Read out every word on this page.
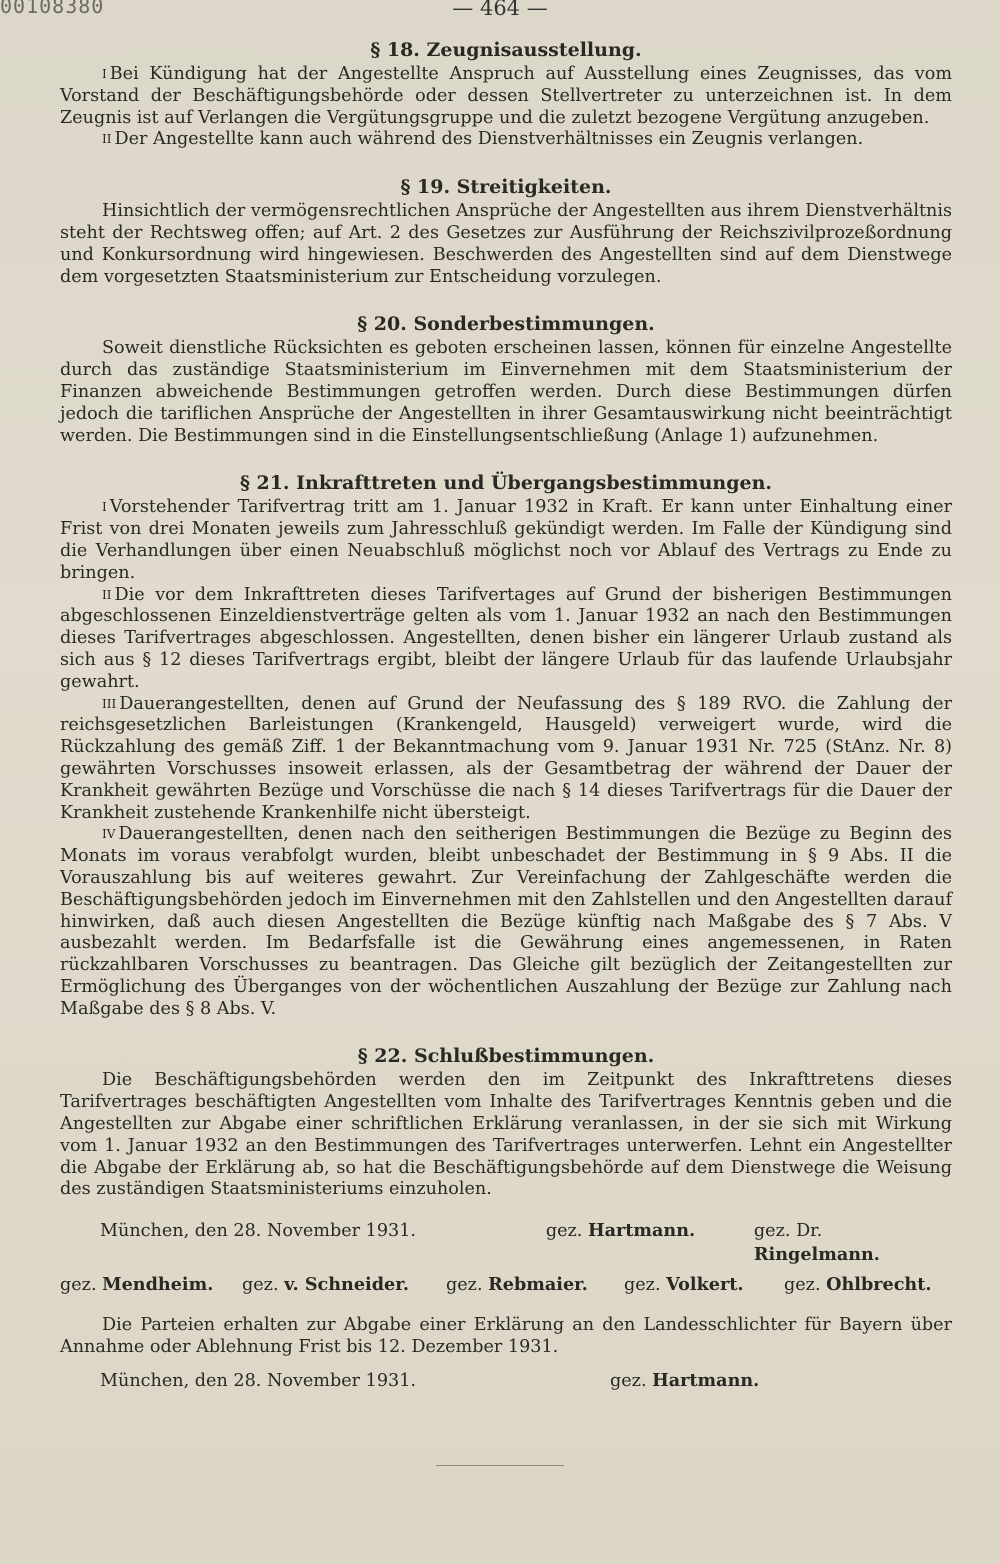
00108380	— 464 —
§ 18. Zeugnisausstellung.

$^I$ Bei Kündigung hat der Angestellte Anspruch auf Ausstellung eines Zeugnisses, das vom Vorstand der Beschäftigungsbehörde oder dessen Stellvertreter zu unterzeichnen ist. In dem Zeugnis ist auf Verlangen die Vergütungsgruppe und die zuletzt bezogene Vergütung anzugeben.

$^{II}$ Der Angestellte kann auch während des Dienstverhältnisses ein Zeugnis verlangen.

§ 19. Streitigkeiten.

Hinsichtlich der vermögensrechtlichen Ansprüche der Angestellten aus ihrem Dienstverhältnis steht der Rechtsweg offen; auf Art. 2 des Gesetzes zur Ausführung der Reichszivilprozeßordnung und Konkursordnung wird hingewiesen. Beschwerden des Angestellten sind auf dem Dienstwege dem vorgesetzten Staatsministerium zur Entscheidung vorzulegen.

§ 20. Sonderbestimmungen.

Soweit dienstliche Rücksichten es geboten erscheinen lassen, können für einzelne Angestellte durch das zuständige Staatsministerium im Einvernehmen mit dem Staatsministerium der Finanzen abweichende Bestimmungen getroffen werden. Durch diese Bestimmungen dürfen jedoch die tariflichen Ansprüche der Angestellten in ihrer Gesamtauswirkung nicht beeinträchtigt werden. Die Bestimmungen sind in die Einstellungsentschließung (Anlage 1) aufzunehmen.

§ 21. Inkrafttreten und Übergangsbestimmungen.

$^I$ Vorstehender Tarifvertrag tritt am 1. Januar 1932 in Kraft. Er kann unter Einhaltung einer Frist von drei Monaten jeweils zum Jahresschluß gekündigt werden. Im Falle der Kündigung sind die Verhandlungen über einen Neuabschluß möglichst noch vor Ablauf des Vertrags zu Ende zu bringen.

$^{II}$ Die vor dem Inkrafttreten dieses Tarifvertages auf Grund der bisherigen Bestimmungen abgeschlossenen Einzeldienstverträge gelten als vom 1. Januar 1932 an nach den Bestimmungen dieses Tarifvertrages abgeschlossen. Angestellten, denen bisher ein längerer Urlaub zustand als sich aus § 12 dieses Tarifvertrags ergibt, bleibt der längere Urlaub für das laufende Urlaubsjahr gewahrt.

$^{III}$ Dauerangestellten, denen auf Grund der Neufassung des § 189 RVO. die Zahlung der reichsgesetzlichen Barleistungen (Krankengeld, Hausgeld) verweigert wurde, wird die Rückzahlung des gemäß Ziff. 1 der Bekanntmachung vom 9. Januar 1931 Nr. 725 (StAnz. Nr. 8) gewährten Vorschusses insoweit erlassen, als der Gesamtbetrag der während der Dauer der Krankheit gewährten Bezüge und Vorschüsse die nach § 14 dieses Tarifvertrags für die Dauer der Krankheit zustehende Krankenhilfe nicht übersteigt.

$^{IV}$ Dauerangestellten, denen nach den seitherigen Bestimmungen die Bezüge zu Beginn des Monats im voraus verabfolgt wurden, bleibt unbeschadet der Bestimmung in § 9 Abs. II die Vorauszahlung bis auf weiteres gewahrt. Zur Vereinfachung der Zahlgeschäfte werden die Beschäftigungsbehörden jedoch im Einvernehmen mit den Zahlstellen und den Angestellten darauf hinwirken, daß auch diesen Angestellten die Bezüge künftig nach Maßgabe des § 7 Abs. V ausbezahlt werden. Im Bedarfsfalle ist die Gewährung eines angemessenen, in Raten rückzahlbaren Vorschusses zu beantragen. Das Gleiche gilt bezüglich der Zeitangestellten zur Ermöglichung des Überganges von der wöchentlichen Auszahlung der Bezüge zur Zahlung nach Maßgabe des § 8 Abs. V.

§ 22. Schlußbestimmungen.

Die Beschäftigungsbehörden werden den im Zeitpunkt des Inkrafttretens dieses Tarifvertrages beschäftigten Angestellten vom Inhalte des Tarifvertrages Kenntnis geben und die Angestellten zur Abgabe einer schriftlichen Erklärung veranlassen, in der sie sich mit Wirkung vom 1. Januar 1932 an den Bestimmungen des Tarifvertrages unterwerfen. Lehnt ein Angestellter die Abgabe der Erklärung ab, so hat die Beschäftigungsbehörde auf dem Dienstwege die Weisung des zuständigen Staatsministeriums einzuholen.

München, den 28. November 1931.	gez. Hartmann.	gez. Dr. Ringelmann.
gez. Mendheim.	gez. v. Schneider.	gez. Rebmaier.	gez. Volkert.	gez. Ohlbrecht.

Die Parteien erhalten zur Abgabe einer Erklärung an den Landesschlichter für Bayern über Annahme oder Ablehnung Frist bis 12. Dezember 1931.

München, den 28. November 1931.	gez. Hartmann.
